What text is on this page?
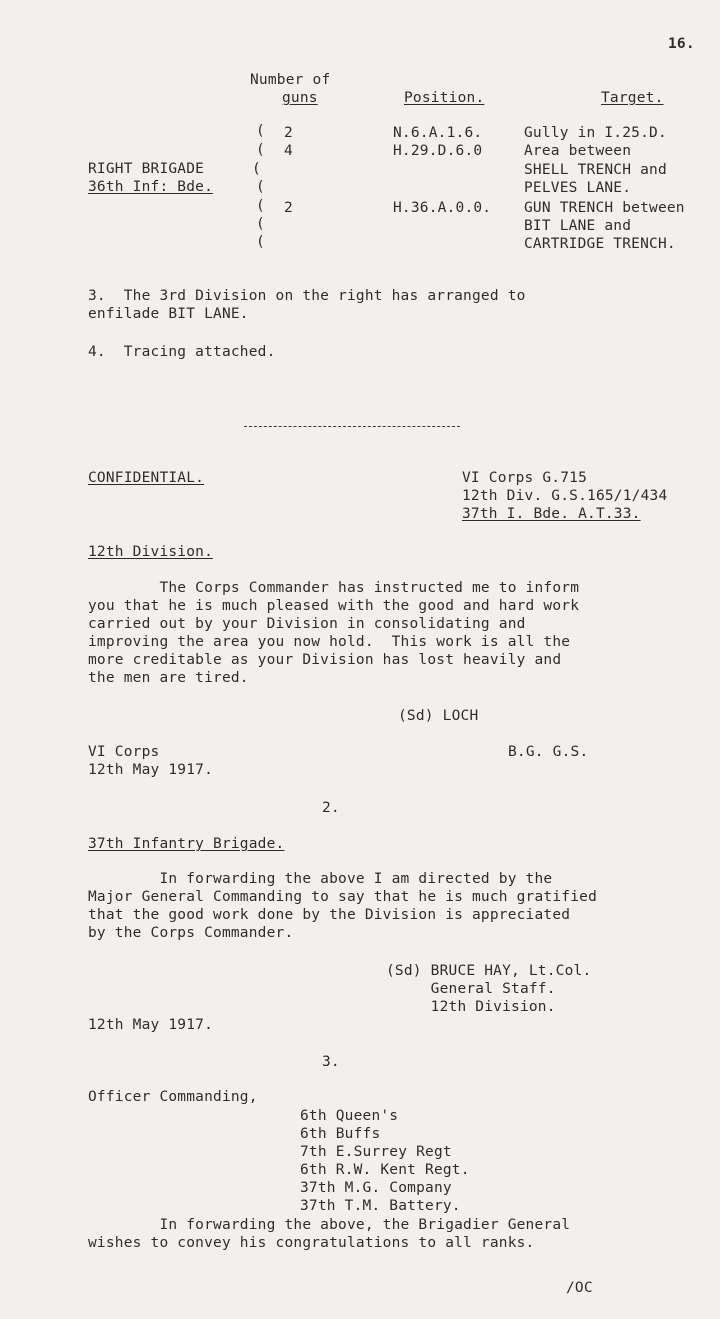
16.
Number of
guns	Position.	Target.
(
(
(
(
(
(
(
RIGHT BRIGADE
36th Inf: Bde.
2	N.6.A.1.6.	Gully in I.25.D.
4	H.29.D.6.0	Area between
SHELL TRENCH and
PELVES LANE.
2	H.36.A.0.0. GUN TRENCH between
BIT LANE and
CARTRIDGE TRENCH.
3.  The 3rd Division on the right has arranged to
enfilade BIT LANE.
4.  Tracing attached.
CONFIDENTIAL.	VI Corps G.715
12th Div. G.S.165/1/434
37th I. Bde. A.T.33.
12th Division.
The Corps Commander has instructed me to inform
you that he is much pleased with the good and hard work
carried out by your Division in consolidating and
improving the area you now hold.  This work is all the
more creditable as your Division has lost heavily and
the men are tired.
(Sd) LOCH
VI Corps	B.G. G.S.
12th May 1917.
2.
37th Infantry Brigade.
In forwarding the above I am directed by the
Major General Commanding to say that he is much gratified
that the good work done by the Division is appreciated
by the Corps Commander.
(Sd) BRUCE HAY, Lt.Col.
General Staff.
12th Division.
12th May 1917.
3.
Officer Commanding,
6th Queen's
6th Buffs
7th E.Surrey Regt
6th R.W. Kent Regt.
37th M.G. Company
37th T.M. Battery.
In forwarding the above, the Brigadier General
wishes to convey his congratulations to all ranks.
/OC
